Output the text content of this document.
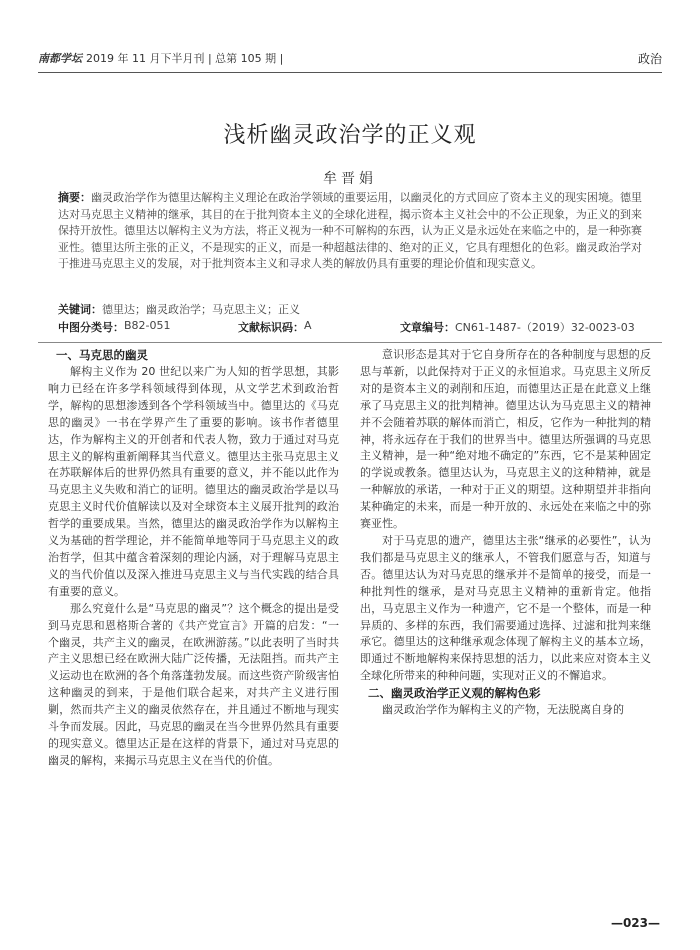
南都学坛 2019 年 11 月下半月刊 | 总第 105 期 |	政治
浅析幽灵政治学的正义观
牟晋娟
摘要：幽灵政治学作为德里达解构主义理论在政治学领域的重要运用，以幽灵化的方式回应了资本主义的现实困境。德里达对马克思主义精神的继承，其目的在于批判资本主义的全球化进程，揭示资本主义社会中的不公正现象，为正义的到来保持开放性。德里达以解构主义为方法，将正义视为一种不可解构的东西，认为正义是永远处在来临之中的，是一种弥赛亚性。德里达所主张的正义，不是现实的正义，而是一种超越法律的、绝对的正义，它具有理想化的色彩。幽灵政治学对于推进马克思主义的发展，对于批判资本主义和寻求人类的解放仍具有重要的理论价值和现实意义。
关键词：德里达；幽灵政治学；马克思主义；正义
中图分类号： B82-051	文献标识码： A	文章编号： CN61-1487-（2019）32-0023-03
一、马克思的幽灵

解构主义作为 20 世纪以来广为人知的哲学思想，其影响力已经在许多学科领域得到体现，从文学艺术到政治哲学，解构的思想渗透到各个学科领域当中。德里达的《马克思的幽灵》一书在学界产生了重要的影响。该书作者德里达，作为解构主义的开创者和代表人物，致力于通过对马克思主义的解构重新阐释其当代意义。德里达主张马克思主义在苏联解体后的世界仍然具有重要的意义，并不能以此作为马克思主义失败和消亡的证明。德里达的幽灵政治学是以马克思主义时代价值解读以及对全球资本主义展开批判的政治哲学的重要成果。当然，德里达的幽灵政治学作为以解构主义为基础的哲学理论，并不能简单地等同于马克思主义的政治哲学，但其中蕴含着深刻的理论内涵，对于理解马克思主义的当代价值以及深入推进马克思主义与当代实践的结合具有重要的意义。

那么究竟什么是“马克思的幽灵”？这个概念的提出是受到马克思和恩格斯合著的《共产党宣言》开篇的启发：“一个幽灵，共产主义的幽灵，在欧洲游荡。”以此表明了当时共产主义思想已经在欧洲大陆广泛传播，无法阻挡。而共产主义运动也在欧洲的各个角落蓬勃发展。而这些资产阶级害怕这种幽灵的到来，于是他们联合起来，对共产主义进行围剿，然而共产主义的幽灵依然存在，并且通过不断地与现实斗争而发展。因此，马克思的幽灵在当今世界仍然具有重要的现实意义。德里达正是在这样的背景下，通过对马克思的幽灵的解构，来揭示马克思主义在当代的价值。

意识形态是其对于它自身所存在的各种制度与思想的反思与革新，以此保持对于正义的永恒追求。马克思主义所反对的是资本主义的剥削和压迫，而德里达正是在此意义上继承了马克思主义的批判精神。德里达认为马克思主义的精神并不会随着苏联的解体而消亡，相反，它作为一种批判的精神，将永远存在于我们的世界当中。德里达所强调的马克思主义精神，是一种“绝对地不确定的”东西，它不是某种固定的学说或教条。德里达认为，马克思主义的这种精神，就是一种解放的承诺，一种对于正义的期望。这种期望并非指向某种确定的未来，而是一种开放的、永远处在来临之中的弥赛亚性。

对于马克思的遗产，德里达主张“继承的必要性”，认为我们都是马克思主义的继承人，不管我们愿意与否，知道与否。德里达认为对马克思的继承并不是简单的接受，而是一种批判性的继承，是对马克思主义精神的重新肯定。他指出，马克思主义作为一种遗产，它不是一个整体，而是一种异质的、多样的东西，我们需要通过选择、过滤和批判来继承它。德里达的这种继承观念体现了解构主义的基本立场，即通过不断地解构来保持思想的活力，以此来应对资本主义全球化所带来的种种问题，实现对正义的不懈追求。

二、幽灵政治学正义观的解构色彩

幽灵政治学作为解构主义的产物，无法脱离自身的

—023—
